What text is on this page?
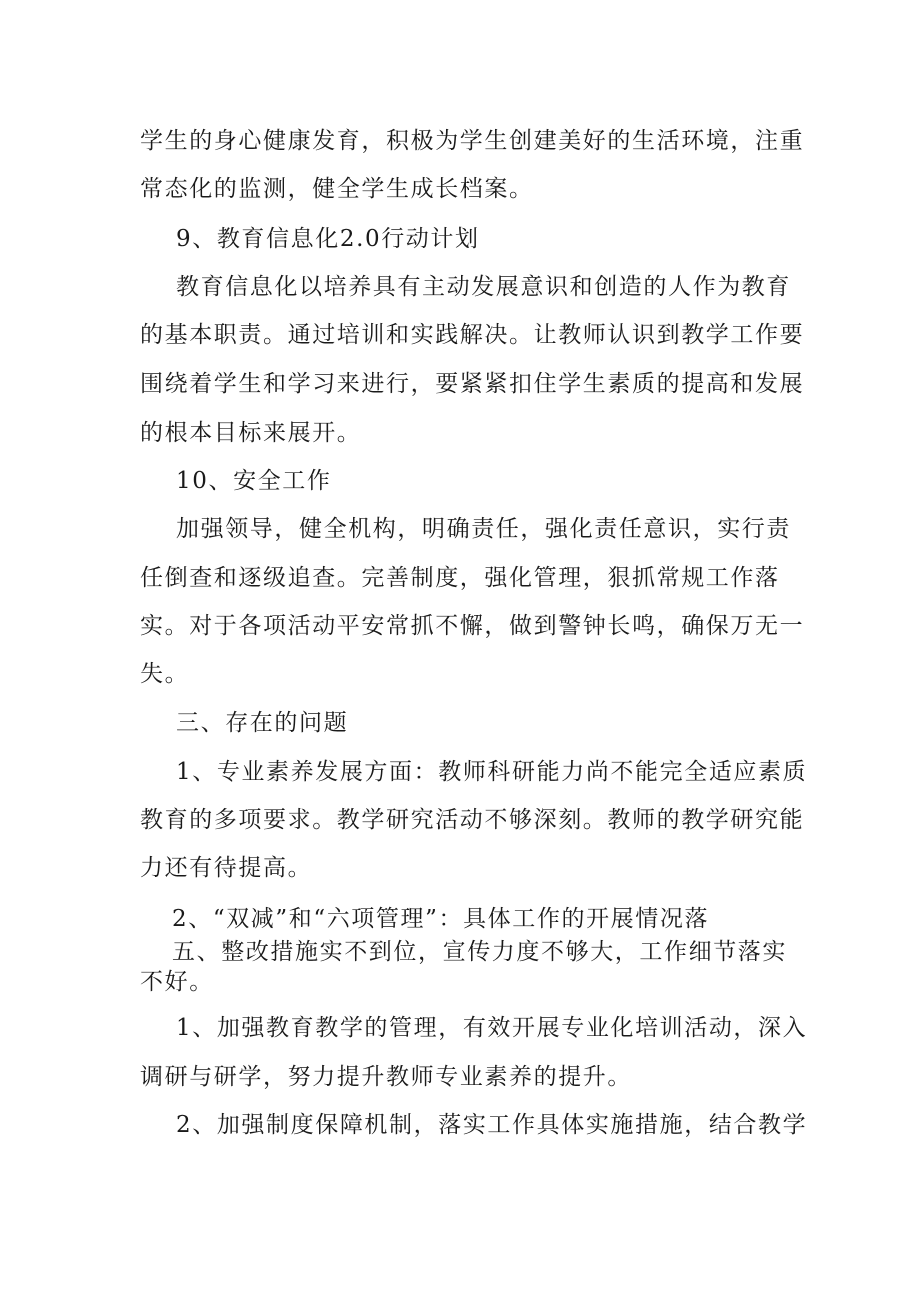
学生的身心健康发育，积极为学生创建美好的生活环境，注重
常态化的监测，健全学生成长档案。
9、教育信息化2.0行动计划
教育信息化以培养具有主动发展意识和创造的人作为教育
的基本职责。通过培训和实践解决。让教师认识到教学工作要
围绕着学生和学习来进行，要紧紧扣住学生素质的提高和发展
的根本目标来展开。
10、安全工作
加强领导，健全机构，明确责任，强化责任意识，实行责
任倒查和逐级追查。完善制度，强化管理，狠抓常规工作落
实。对于各项活动平安常抓不懈，做到警钟长鸣，确保万无一
失。
三、存在的问题
1、专业素养发展方面：教师科研能力尚不能完全适应素质
教育的多项要求。教学研究活动不够深刻。教师的教学研究能
力还有待提高。
2、“双减”和“六项管理”：具体工作的开展情况落
五、整改措施实不到位，宣传力度不够大，工作细节落实
不好。
1、加强教育教学的管理，有效开展专业化培训活动，深入
调研与研学，努力提升教师专业素养的提升。
2、加强制度保障机制，落实工作具体实施措施，结合教学
